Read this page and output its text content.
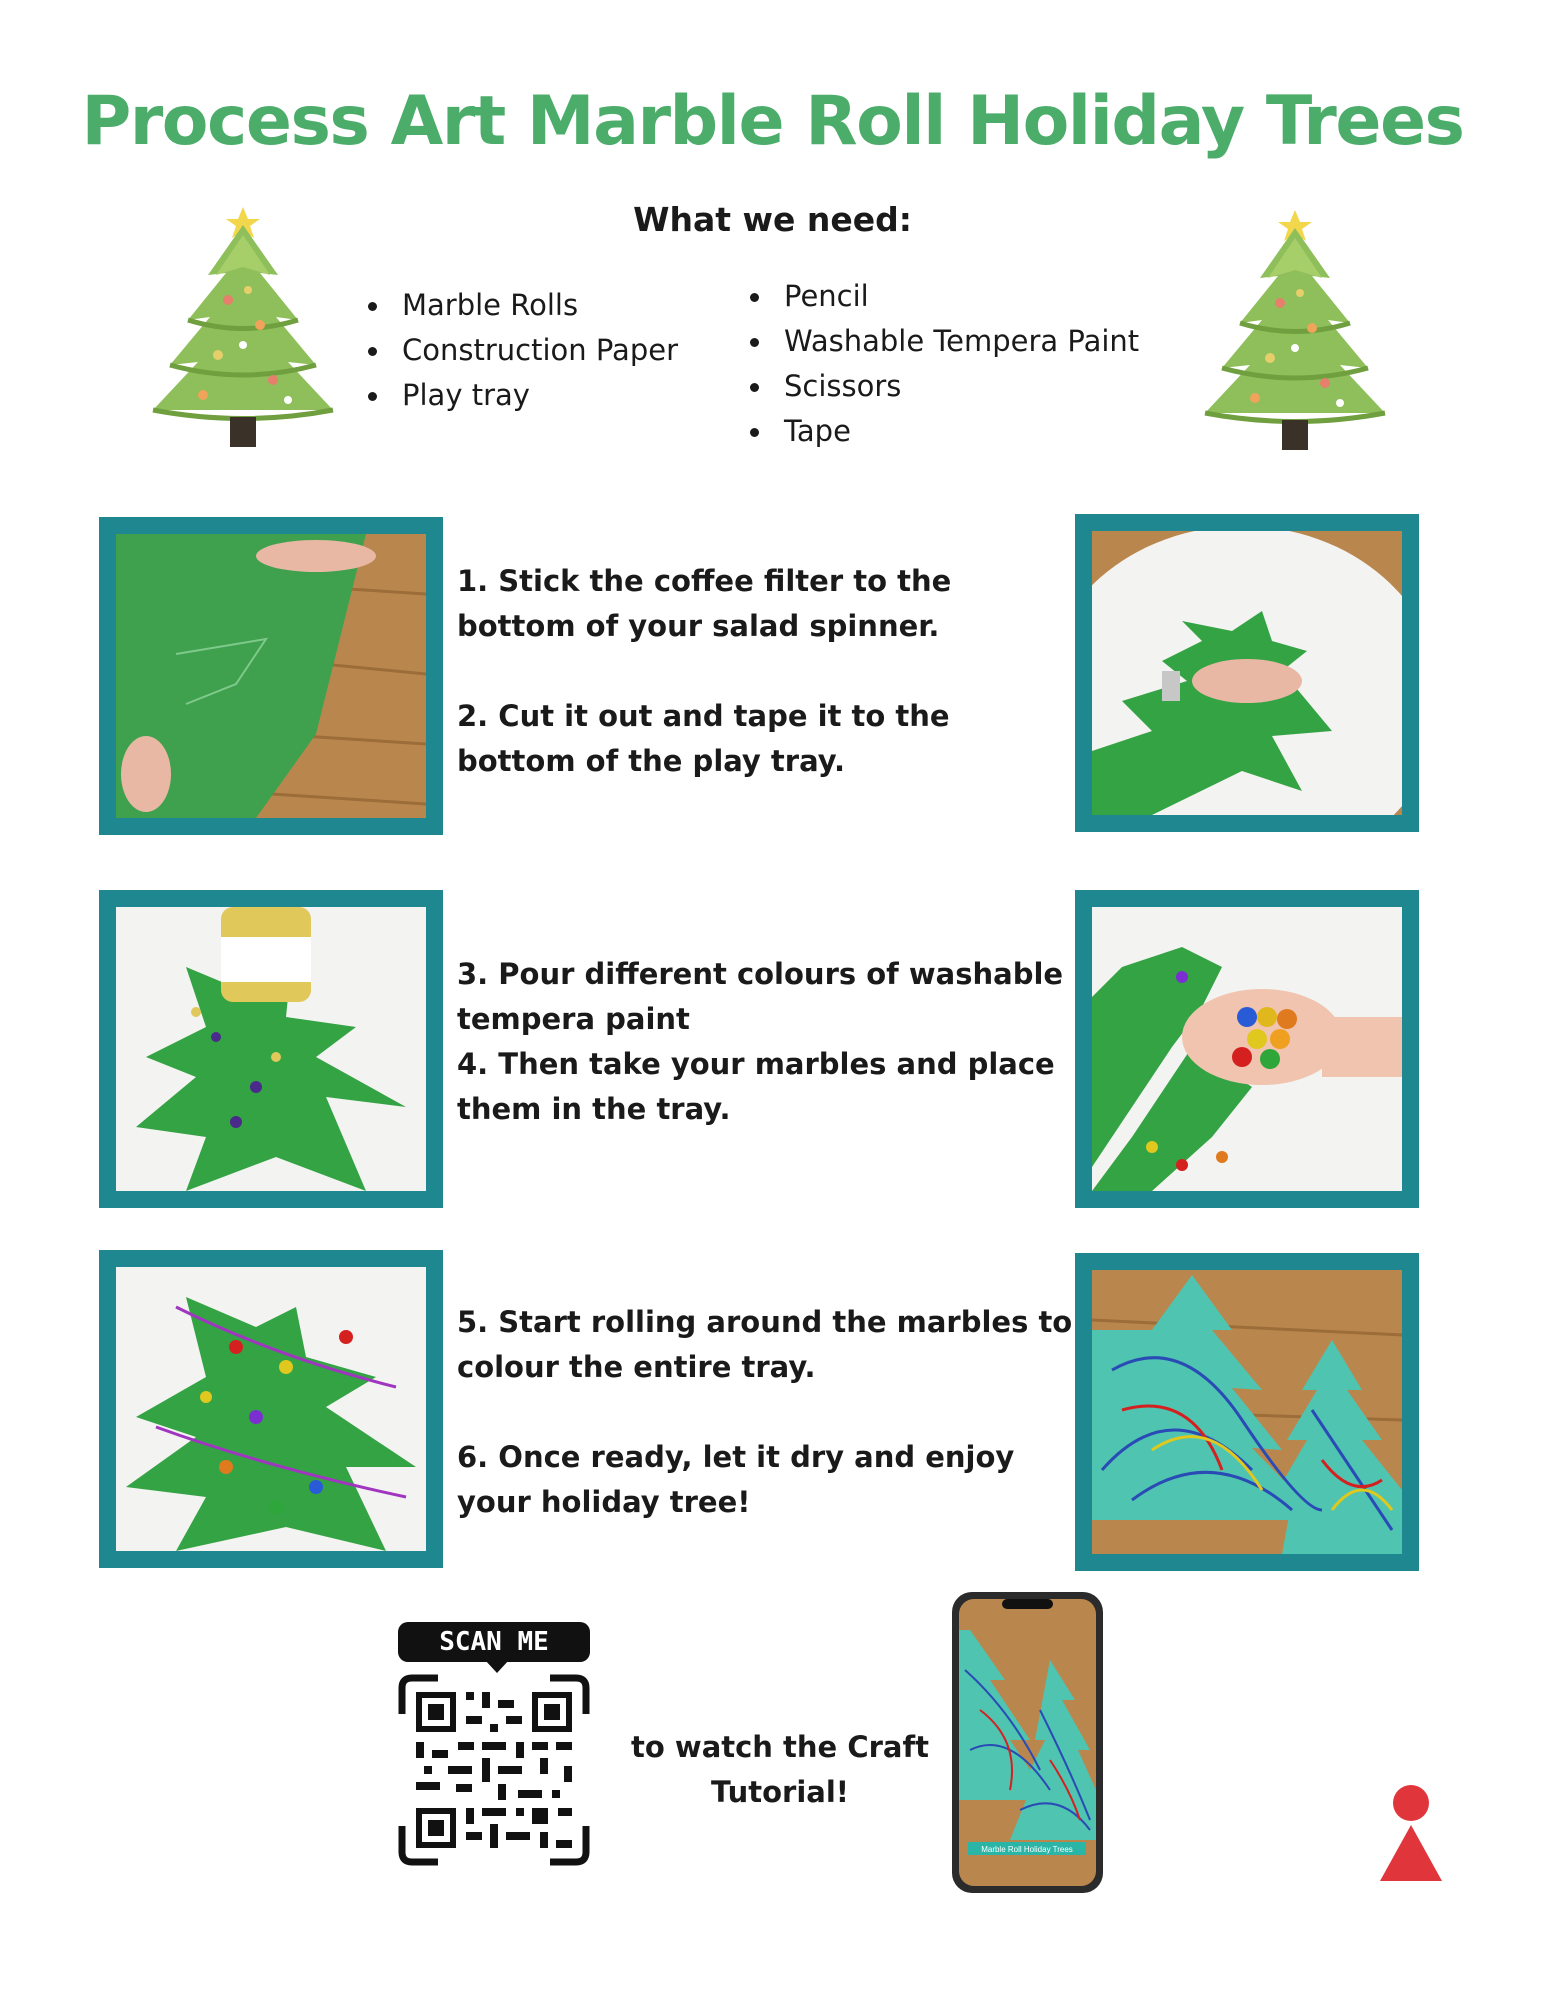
Process Art Marble Roll Holiday Trees
What we need:
Marble Rolls
Construction Paper
Play tray
Pencil
Washable Tempera Paint
Scissors
Tape

1. Stick the coffee filter to the bottom of your salad spinner.

2. Cut it out and tape it to the bottom of the play tray.

3. Pour different colours of washable tempera paint

4. Then take your marbles and place them in the tray.

5. Start rolling around the marbles to colour the entire tray.

6. Once ready, let it dry and enjoy your holiday tree!

SCAN ME
to watch the Craft Tutorial!
Marble Roll Holiday Trees
